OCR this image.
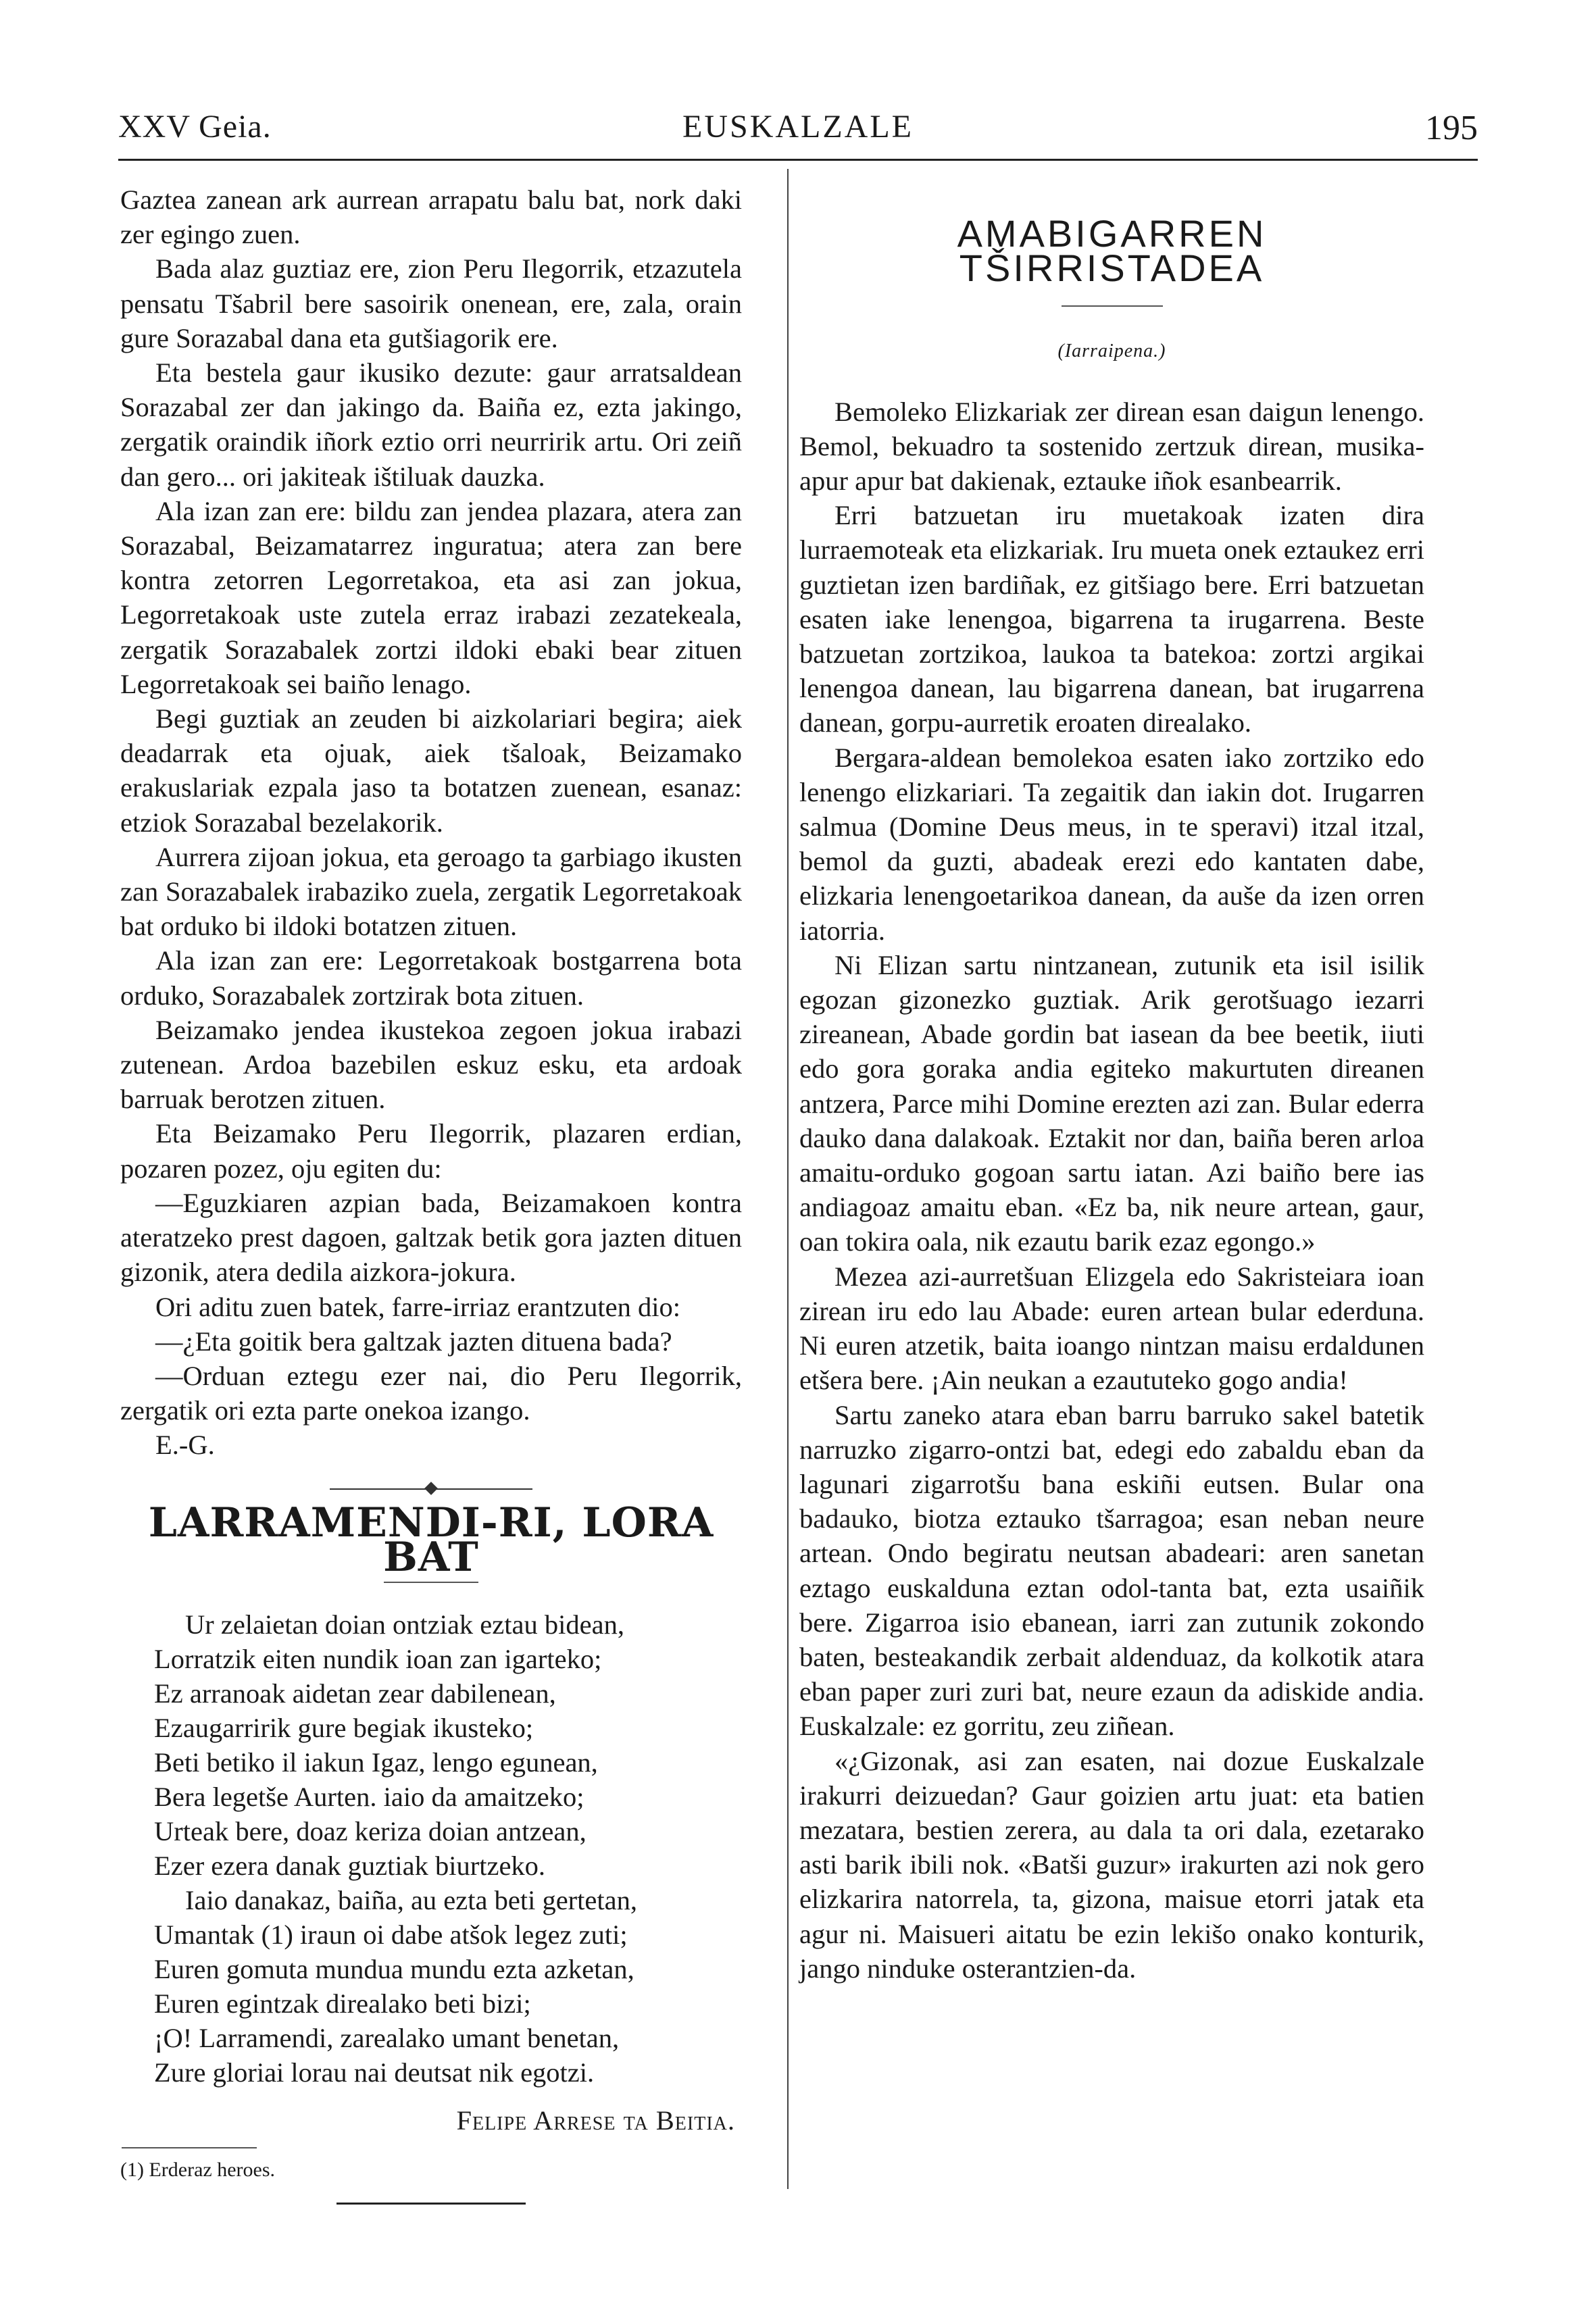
XXV Geia.	EUSKALZALE	195

Gaztea zanean ark aurrean arrapatu balu bat, nork daki zer egingo zuen.

Bada alaz guztiaz ere, zion Peru Ilegorrik, etzazutela pensatu Tšabril bere sasoirik onenean, ere, zala, orain gure Sorazabal dana eta gutšiagorik ere.

Eta bestela gaur ikusiko dezute: gaur arratsaldean Sorazabal zer dan jakingo da. Baiña ez, ezta jakingo, zergatik oraindik iñork eztio orri neurririk artu. Ori zeiñ dan gero... ori jakiteak ištiluak dauzka.

Ala izan zan ere: bildu zan jendea plazara, atera zan Sorazabal, Beizamatarrez inguratua; atera zan bere kontra zetorren Legorretakoa, eta asi zan jokua, Legorretakoak uste zutela erraz irabazi zezatekeala, zergatik Sorazabalek zortzi ildoki ebaki bear zituen Legorretakoak sei baiño lenago.

Begi guztiak an zeuden bi aizkolariari begira; aiek deadarrak eta ojuak, aiek tšaloak, Beizamako erakuslariak ezpala jaso ta botatzen zuenean, esanaz: etziok Sorazabal bezelakorik.

Aurrera zijoan jokua, eta geroago ta garbiago ikusten zan Sorazabalek irabaziko zuela, zergatik Legorretakoak bat orduko bi ildoki botatzen zituen.

Ala izan zan ere: Legorretakoak bostgarrena bota orduko, Sorazabalek zortzirak bota zituen.

Beizamako jendea ikustekoa zegoen jokua irabazi zutenean. Ardoa bazebilen eskuz esku, eta ardoak barruak berotzen zituen.

Eta Beizamako Peru Ilegorrik, plazaren erdian, pozaren pozez, oju egiten du:

—Eguzkiaren azpian bada, Beizamakoen kontra ateratzeko prest dagoen, galtzak betik gora jazten dituen gizonik, atera dedila aizkora-jokura.

Ori aditu zuen batek, farre-irriaz erantzuten dio:

—¿Eta goitik bera galtzak jazten dituena bada?

—Orduan eztegu ezer nai, dio Peru Ilegorrik, zergatik ori ezta parte onekoa izango.

E.-G.

LARRAMENDI-RI, LORA BAT
Ur zelaietan doian ontziak eztau bidean,
Lorratzik eiten nundik ioan zan igarteko;
Ez arranoak aidetan zear dabilenean,
Ezaugarririk gure begiak ikusteko;
Beti betiko il iakun Igaz, lengo egunean,
Bera legetše Aurten. iaio da amaitzeko;
Urteak bere, doaz keriza doian antzean,
Ezer ezera danak guztiak biurtzeko.
Iaio danakaz, baiña, au ezta beti gertetan,
Umantak (1) iraun oi dabe atšok legez zuti;
Euren gomuta mundua mundu ezta azketan,
Euren egintzak direalako beti bizi;
¡O! Larramendi, zarealako umant benetan,
Zure gloriai lorau nai deutsat nik egotzi.
Felipe Arrese ta Beitia.
(1) Erderaz heroes.
AMABIGARREN TŠIRRISTADEA
(Iarraipena.)

Bemoleko Elizkariak zer direan esan daigun lenengo. Bemol, bekuadro ta sostenido zertzuk direan, musika-apur apur bat dakienak, eztauke iñok esanbearrik.

Erri batzuetan iru muetakoak izaten dira lurraemoteak eta elizkariak. Iru mueta onek eztaukez erri guztietan izen bardiñak, ez gitšiago bere. Erri batzuetan esaten iake lenengoa, bigarrena ta irugarrena. Beste batzuetan zortzikoa, laukoa ta batekoa: zortzi argikai lenengoa danean, lau bigarrena danean, bat irugarrena danean, gorpu-aurretik eroaten direalako.

Bergara-aldean bemolekoa esaten iako zortziko edo lenengo elizkariari. Ta zegaitik dan iakin dot. Irugarren salmua (Domine Deus meus, in te speravi) itzal itzal, bemol da guzti, abadeak erezi edo kantaten dabe, elizkaria lenengoetarikoa danean, da auše da izen orren iatorria.

Ni Elizan sartu nintzanean, zutunik eta isil isilik egozan gizonezko guztiak. Arik gerotšuago iezarri zireanean, Abade gordin bat iasean da bee beetik, iiuti edo gora goraka andia egiteko makurtuten direanen antzera, Parce mihi Domine erezten azi zan. Bular ederra dauko dana dalakoak. Eztakit nor dan, baiña beren arloa amaitu-orduko gogoan sartu iatan. Azi baiño bere ias andiagoaz amaitu eban. «Ez ba, nik neure artean, gaur, oan tokira oala, nik ezautu barik ezaz egongo.»

Mezea azi-aurretšuan Elizgela edo Sakristeiara ioan zirean iru edo lau Abade: euren artean bular ederduna. Ni euren atzetik, baita ioango nintzan maisu erdaldunen etšera bere. ¡Ain neukan a ezaututeko gogo andia!

Sartu zaneko atara eban barru barruko sakel batetik narruzko zigarro-ontzi bat, edegi edo zabaldu eban da lagunari zigarrotšu bana eskiñi eutsen. Bular ona badauko, biotza eztauko tšarragoa; esan neban neure artean. Ondo begiratu neutsan abadeari: aren sanetan eztago euskalduna eztan odol-tanta bat, ezta usaiñik bere. Zigarroa isio ebanean, iarri zan zutunik zokondo baten, besteakandik zerbait aldenduaz, da kolkotik atara eban paper zuri zuri bat, neure ezaun da adiskide andia. Euskalzale: ez gorritu, zeu ziñean.

«¿Gizonak, asi zan esaten, nai dozue Euskalzale irakurri deizuedan? Gaur goizien artu juat: eta batien mezatara, bestien zerera, au dala ta ori dala, ezetarako asti barik ibili nok. «Batši guzur» irakurten azi nok gero elizkarira natorrela, ta, gizona, maisue etorri jatak eta agur ni. Maisueri aitatu be ezin lekišo onako konturik, jango ninduke osterantzien-da.
